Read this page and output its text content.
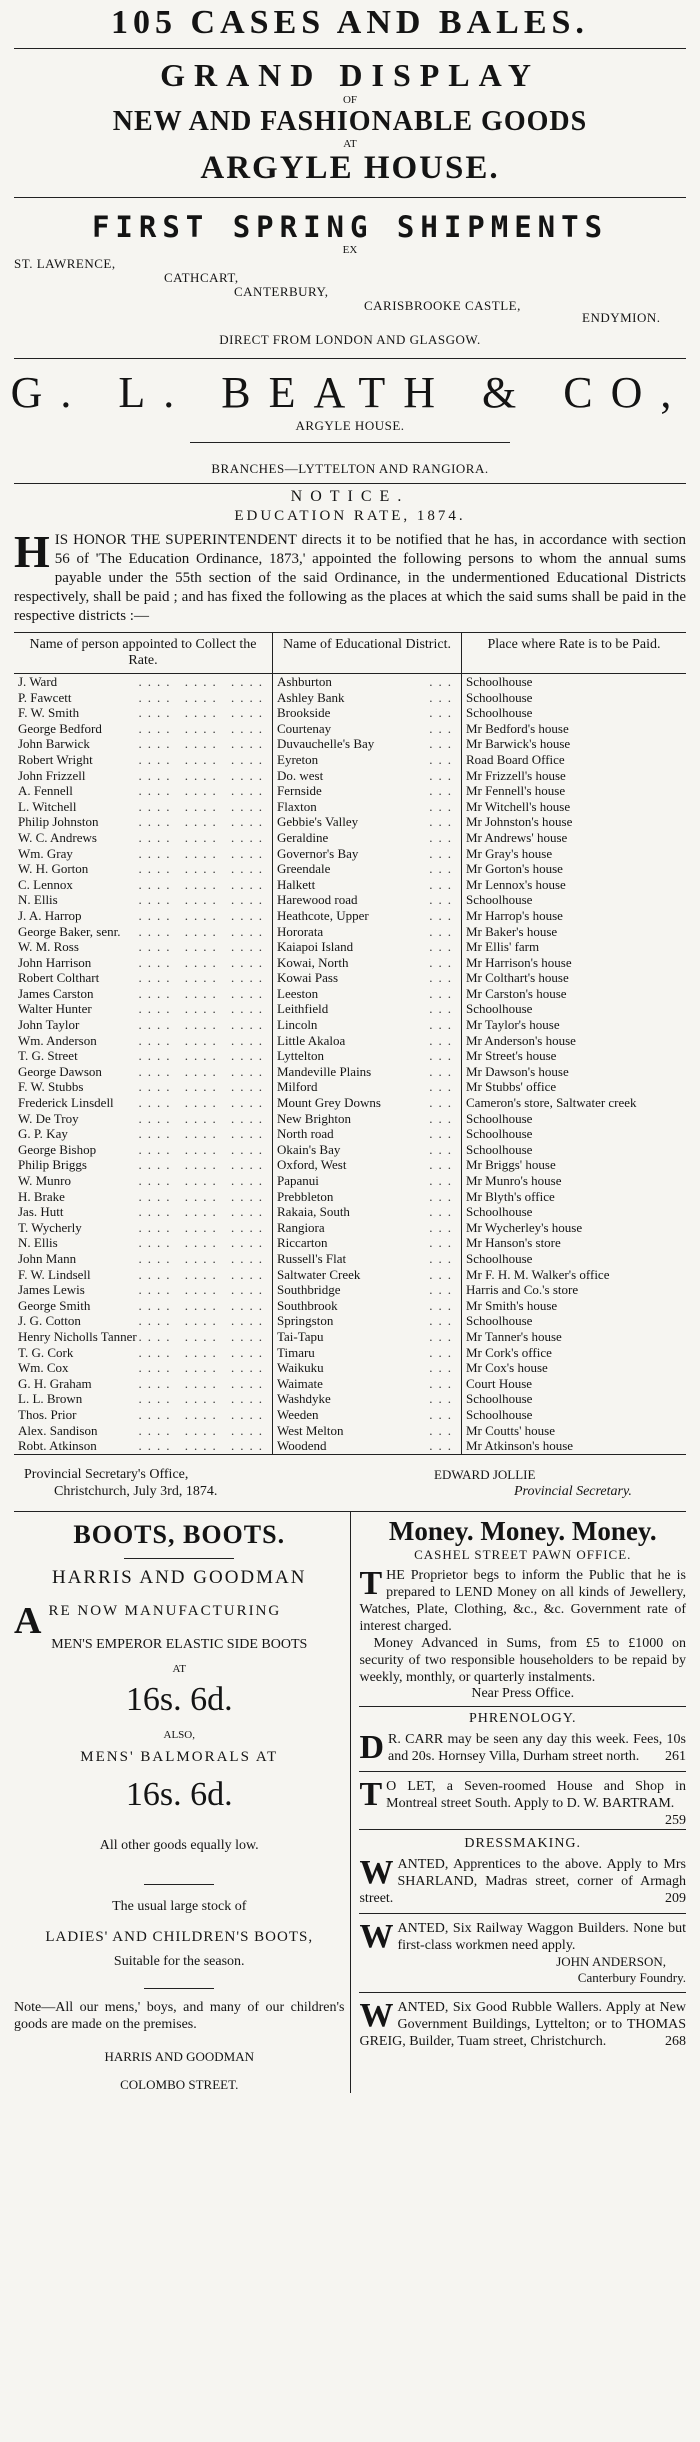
105 CASES AND BALES.
GRAND DISPLAY
OF
NEW AND FASHIONABLE GOODS
AT
ARGYLE HOUSE.
FIRST SPRING SHIPMENTS
EX
ST. LAWRENCE,
CATHCART,
CANTERBURY,
CARISBROOKE CASTLE,
ENDYMION.
DIRECT FROM LONDON AND GLASGOW.
G. L. BEATH & CO,
ARGYLE HOUSE.
BRANCHES—LYTTELTON AND RANGIORA.
NOTICE.
EDUCATION RATE, 1874.
H IS HONOR THE SUPERINTENDENT directs it to be notified that he has, in accordance with section 56 of 'The Education Ordinance, 1873,' appointed the following persons to whom the annual sums payable under the 55th section of the said Ordinance, in the undermentioned Educational Districts respectively, shall be paid ; and has fixed the following as the places at which the said sums shall be paid in the respective districts :—
Name of person appointed to Collect the Rate.	Name of Educational District.	Place where Rate is to be Paid.
J. Ward .... .... ....	Ashburton ...	Schoolhouse
P. Fawcett .... .... ....	Ashley Bank ...	Schoolhouse
F. W. Smith .... .... ....	Brookside ...	Schoolhouse
George Bedford .... .... ....	Courtenay ...	Mr Bedford's house
John Barwick .... .... ....	Duvauchelle's Bay ...	Mr Barwick's house
Robert Wright .... .... ....	Eyreton ...	Road Board Office
John Frizzell .... .... ....	Do. west ...	Mr Frizzell's house
A. Fennell .... .... ....	Fernside ...	Mr Fennell's house
L. Witchell .... .... ....	Flaxton ...	Mr Witchell's house
Philip Johnston .... .... ....	Gebbie's Valley ...	Mr Johnston's house
W. C. Andrews .... .... ....	Geraldine ...	Mr Andrews' house
Wm. Gray .... .... ....	Governor's Bay ...	Mr Gray's house
W. H. Gorton .... .... ....	Greendale ...	Mr Gorton's house
C. Lennox .... .... ....	Halkett ...	Mr Lennox's house
N. Ellis .... .... ....	Harewood road ...	Schoolhouse
J. A. Harrop .... .... ....	Heathcote, Upper ...	Mr Harrop's house
George Baker, senr. .... .... ....	Hororata ...	Mr Baker's house
W. M. Ross .... .... ....	Kaiapoi Island ...	Mr Ellis' farm
John Harrison .... .... ....	Kowai, North ...	Mr Harrison's house
Robert Colthart .... .... ....	Kowai Pass ...	Mr Colthart's house
James Carston .... .... ....	Leeston ...	Mr Carston's house
Walter Hunter .... .... ....	Leithfield ...	Schoolhouse
John Taylor .... .... ....	Lincoln ...	Mr Taylor's house
Wm. Anderson .... .... ....	Little Akaloa ...	Mr Anderson's house
T. G. Street .... .... ....	Lyttelton ...	Mr Street's house
George Dawson .... .... ....	Mandeville Plains ...	Mr Dawson's house
F. W. Stubbs .... .... ....	Milford ...	Mr Stubbs' office
Frederick Linsdell .... .... ....	Mount Grey Downs ...	Cameron's store, Saltwater creek
W. De Troy .... .... ....	New Brighton ...	Schoolhouse
G. P. Kay .... .... ....	North road ...	Schoolhouse
George Bishop .... .... ....	Okain's Bay ...	Schoolhouse
Philip Briggs .... .... ....	Oxford, West ...	Mr Briggs' house
W. Munro .... .... ....	Papanui ...	Mr Munro's house
H. Brake .... .... ....	Prebbleton ...	Mr Blyth's office
Jas. Hutt .... .... ....	Rakaia, South ...	Schoolhouse
T. Wycherly .... .... ....	Rangiora ...	Mr Wycherley's house
N. Ellis .... .... ....	Riccarton ...	Mr Hanson's store
John Mann .... .... ....	Russell's Flat ...	Schoolhouse
F. W. Lindsell .... .... ....	Saltwater Creek ...	Mr F. H. M. Walker's office
James Lewis .... .... ....	Southbridge ...	Harris and Co.'s store
George Smith .... .... ....	Southbrook ...	Mr Smith's house
J. G. Cotton .... .... ....	Springston ...	Schoolhouse
Henry Nicholls Tanner .... .... ....	Tai-Tapu ...	Mr Tanner's house
T. G. Cork .... .... ....	Timaru ...	Mr Cork's office
Wm. Cox .... .... ....	Waikuku ...	Mr Cox's house
G. H. Graham .... .... ....	Waimate ...	Court House
L. L. Brown .... .... ....	Washdyke ...	Schoolhouse
Thos. Prior .... .... ....	Weeden ...	Schoolhouse
Alex. Sandison .... .... ....	West Melton ...	Mr Coutts' house
Robt. Atkinson .... .... ....	Woodend ...	Mr Atkinson's house
Provincial Secretary's Office,
Christchurch, July 3rd, 1874.
EDWARD JOLLIE
Provincial Secretary.
BOOTS, BOOTS.
HARRIS AND GOODMAN
A RE NOW MANUFACTURING
MEN'S EMPEROR ELASTIC SIDE BOOTS
AT
16s. 6d.
ALSO,
MENS' BALMORALS AT
16s. 6d.
All other goods equally low.
The usual large stock of
LADIES' AND CHILDREN'S BOOTS,
Suitable for the season.
Note—All our mens,' boys, and many of our children's goods are made on the premises.
HARRIS AND GOODMAN
COLOMBO STREET.
Money. Money. Money.
CASHEL STREET PAWN OFFICE.
T HE Proprietor begs to inform the Public that he is prepared to LEND Money on all kinds of Jewellery, Watches, Plate, Clothing, &c., &c. Government rate of interest charged.
Money Advanced in Sums, from £5 to £1000 on security of two responsible householders to be repaid by weekly, monthly, or quarterly instalments.
Near Press Office.
PHRENOLOGY.
D R. CARR may be seen any day this week. Fees, 10s and 20s. Hornsey Villa, Durham street north. 261
T O LET, a Seven-roomed House and Shop in Montreal street South. Apply to D. W. BARTRAM.
259
DRESSMAKING.
W ANTED, Apprentices to the above. Apply to Mrs SHARLAND, Madras street, corner of Armagh street.	209
W ANTED, Six Railway Waggon Builders. None but first-class workmen need apply.
JOHN ANDERSON,
Canterbury Foundry.
W ANTED, Six Good Rubble Wallers. Apply at New Government Buildings, Lyttelton; or to THOMAS GREIG, Builder, Tuam street, Christchurch.	268
